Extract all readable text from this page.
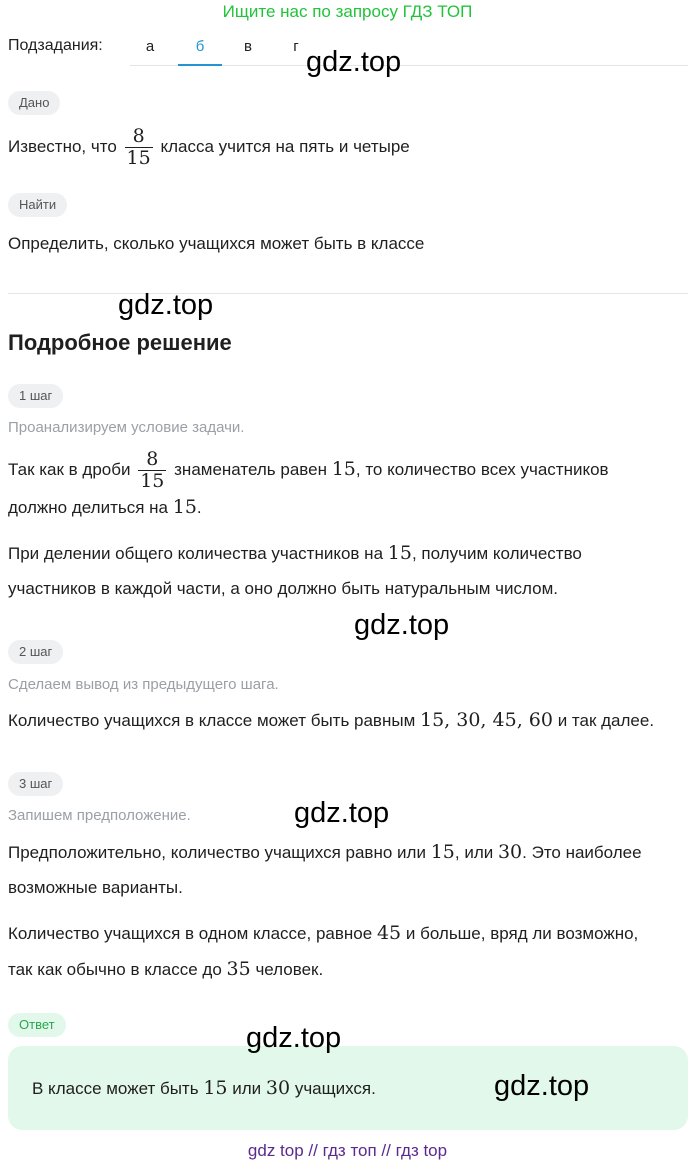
Ищите нас по запросу ГДЗ ТОП
Подзадания:	а	б	в	г gdz.top
Дано
Известно, что $\frac{8}{15}$ класса учится на пять и четыре
Найти
Определить, сколько учащихся может быть в классе
gdz.top
Подробное решение
1 шаг
Проанализируем условие задачи.
Так как в дроби $\frac{8}{15}$ знаменатель равен 15, то количество всех участников
должно делиться на 15.
При делении общего количества участников на 15, получим количество
участников в каждой части, а оно должно быть натуральным числом.
gdz.top
2 шаг
Сделаем вывод из предыдущего шага.
Количество учащихся в классе может быть равным 15, 30, 45, 60 и так далее.
3 шаг
gdz.top
Запишем предположение.
Предположительно, количество учащихся равно или 15, или 30. Это наиболее
возможные варианты.
Количество учащихся в одном классе, равное 45 и больше, вряд ли возможно,
так как обычно в классе до 35 человек.
Ответ
В классе может быть 15 или 30 учащихся.
gdz.top
gdz.top
gdz top // гдз топ // гдз top
